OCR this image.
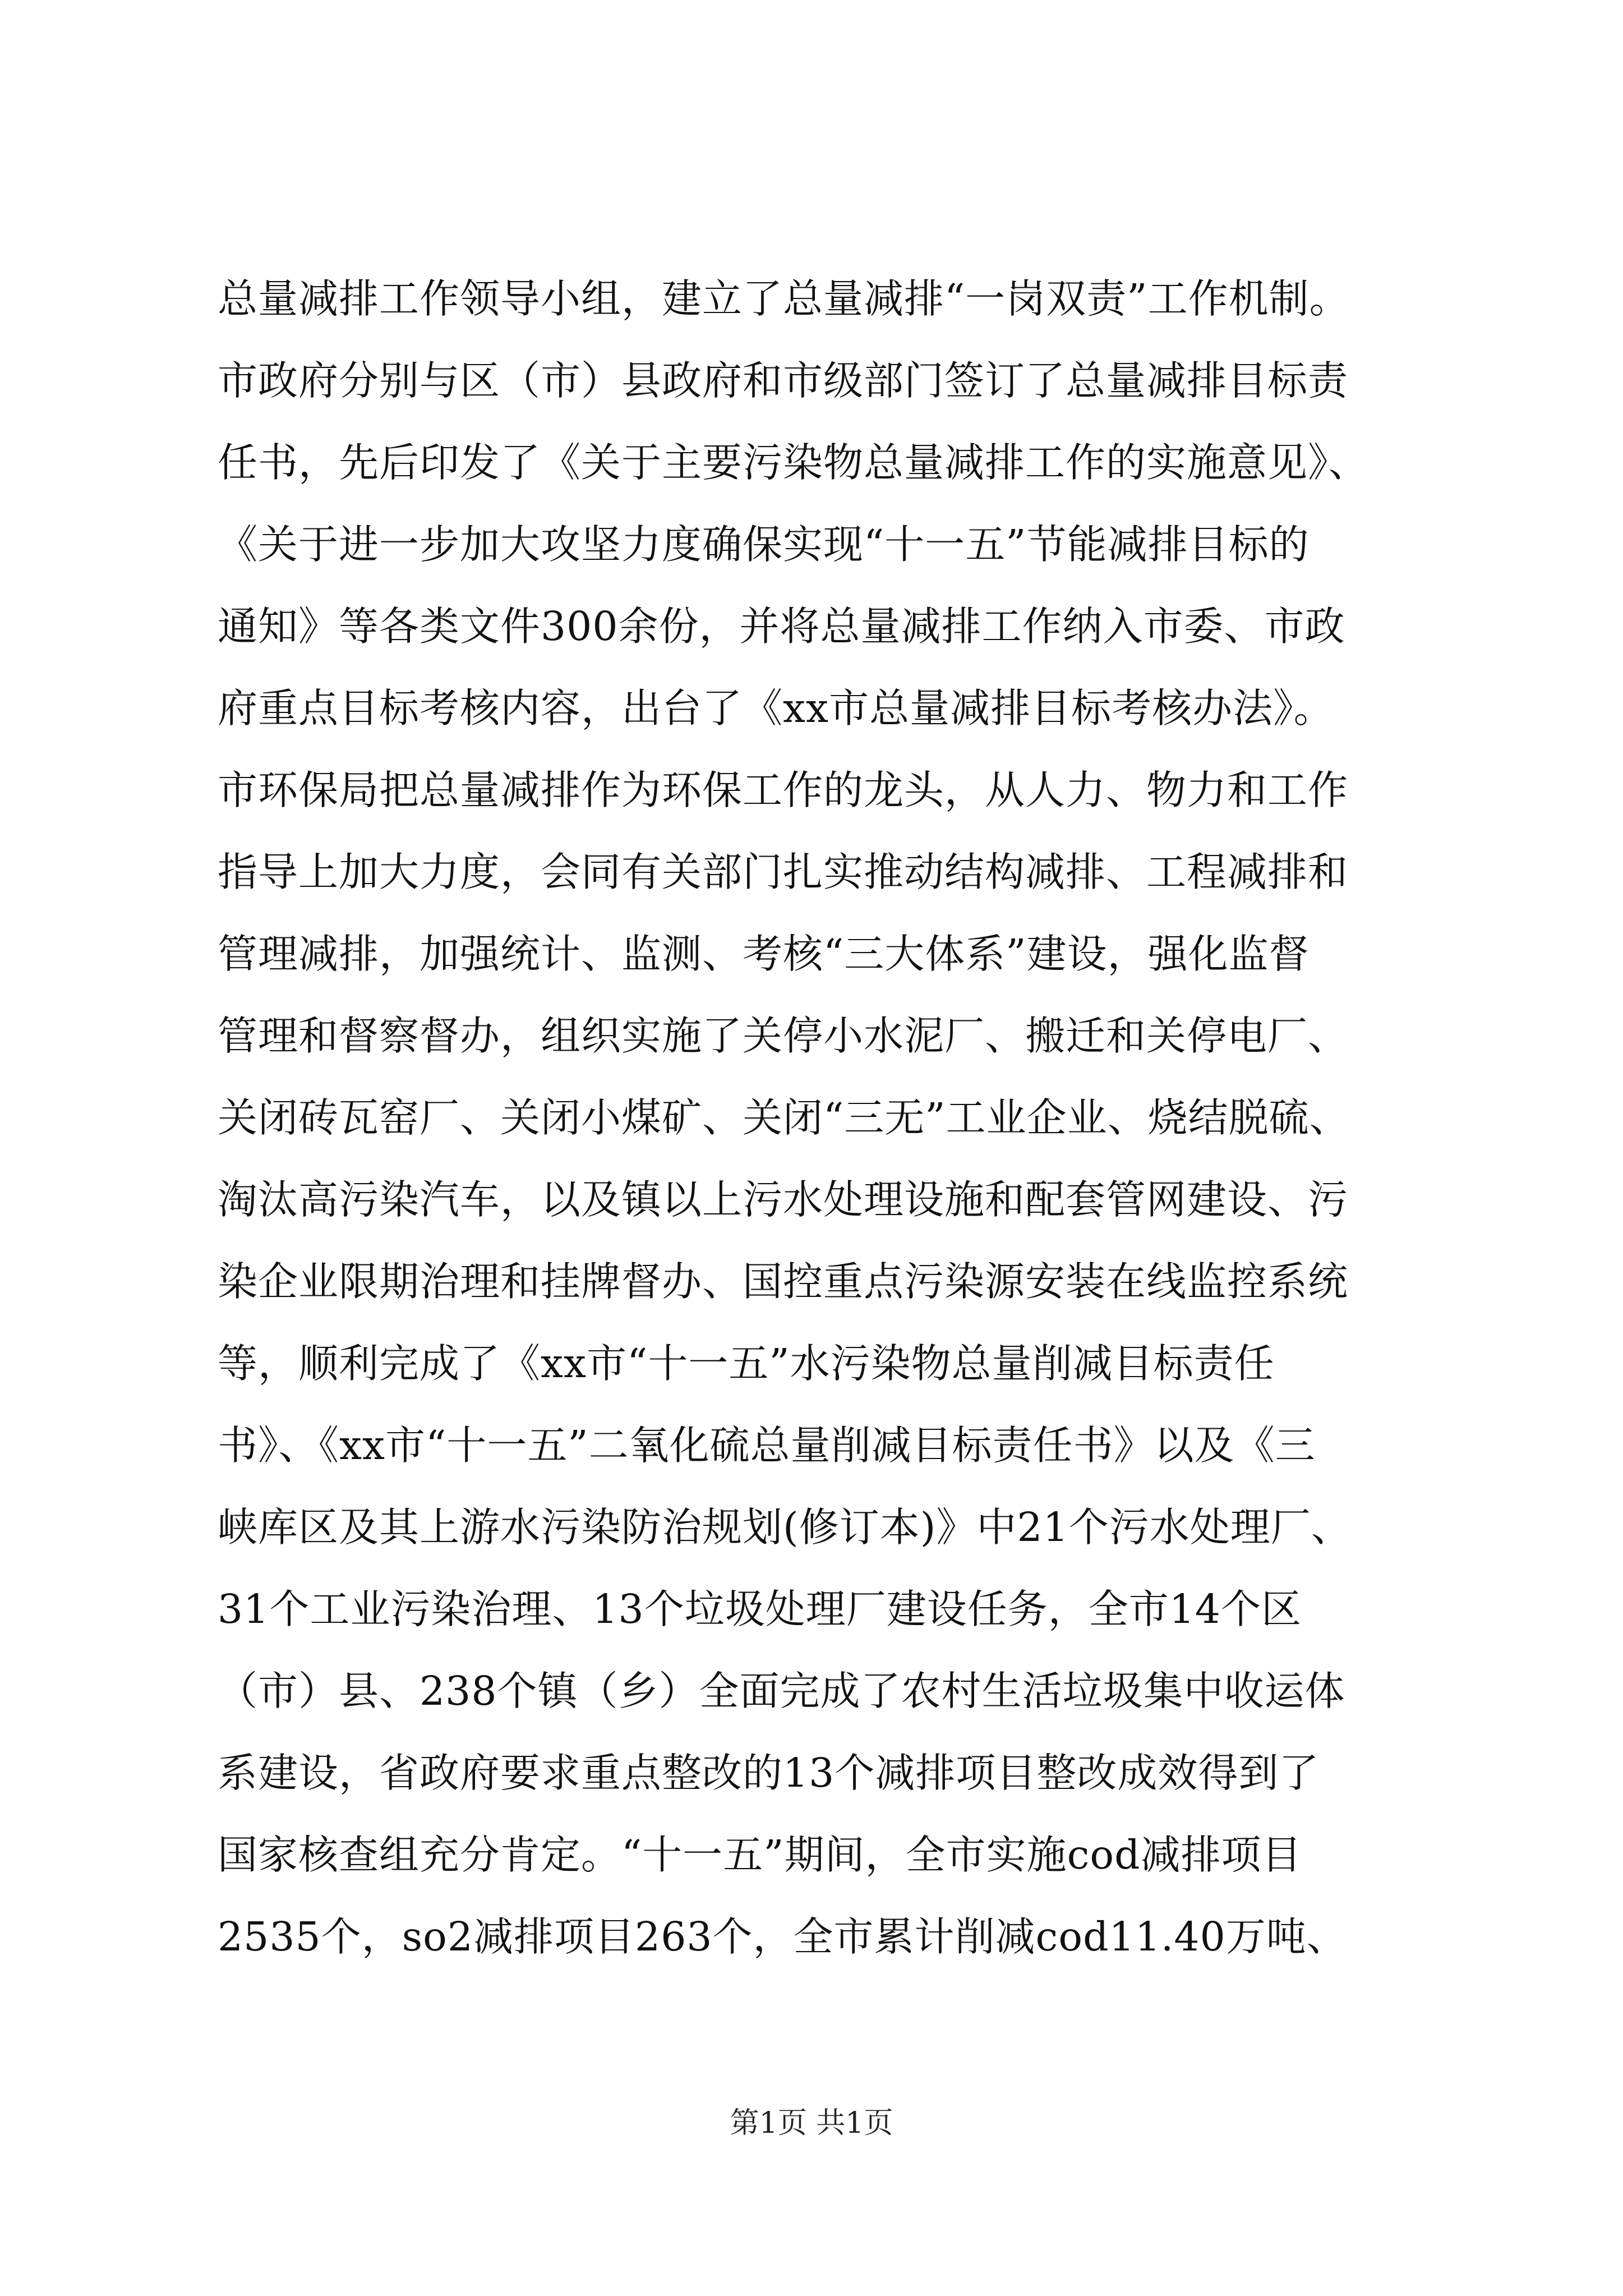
总量减排工作领导小组，建立了总量减排“一岗双责”工作机制。
市政府分别与区（市）县政府和市级部门签订了总量减排目标责
任书，先后印发了《关于主要污染物总量减排工作的实施意见》、
《关于进一步加大攻坚力度确保实现“十一五”节能减排目标的
通知》等各类文件300余份，并将总量减排工作纳入市委、市政
府重点目标考核内容，出台了《xx市总量减排目标考核办法》。
市环保局把总量减排作为环保工作的龙头，从人力、物力和工作
指导上加大力度，会同有关部门扎实推动结构减排、工程减排和
管理减排，加强统计、监测、考核“三大体系”建设，强化监督
管理和督察督办，组织实施了关停小水泥厂、搬迁和关停电厂、
关闭砖瓦窑厂、关闭小煤矿、关闭“三无”工业企业、烧结脱硫、
淘汰高污染汽车，以及镇以上污水处理设施和配套管网建设、污
染企业限期治理和挂牌督办、国控重点污染源安装在线监控系统
等，顺利完成了《xx市“十一五”水污染物总量削减目标责任
书》、《xx市“十一五”二氧化硫总量削减目标责任书》以及《三
峡库区及其上游水污染防治规划(修订本)》中21个污水处理厂、
31个工业污染治理、13个垃圾处理厂建设任务，全市14个区
（市）县、238个镇（乡）全面完成了农村生活垃圾集中收运体
系建设，省政府要求重点整改的13个减排项目整改成效得到了
国家核查组充分肯定。“十一五”期间，全市实施cod减排项目
2535个，so2减排项目263个，全市累计削减cod11.40万吨、
第1页 共1页
